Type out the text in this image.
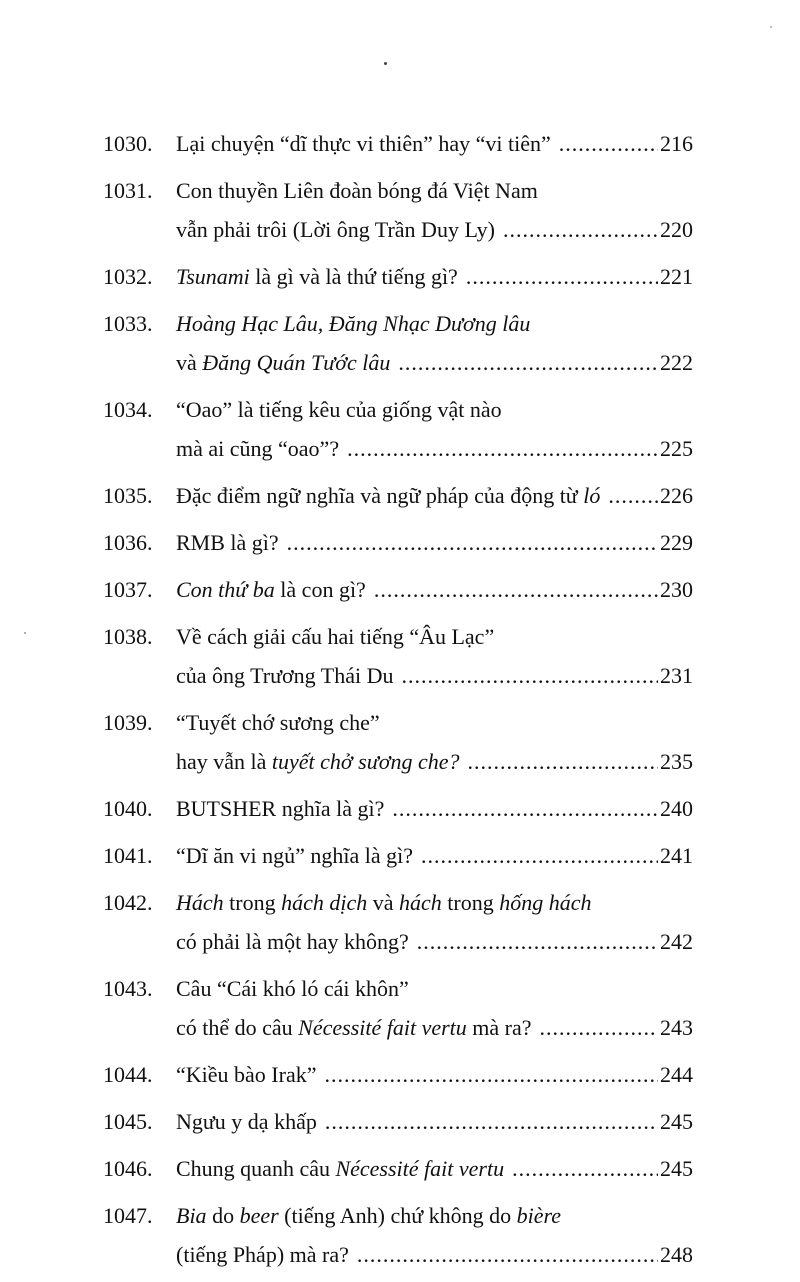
1030.	Lại chuyện “dĩ thực vi thiên” hay “vi tiên” .....	216
1031.	Con thuyền Liên đoàn bóng đá Việt Nam
vẫn phải trôi (Lời ông Trần Duy Ly) .....	220
1032.	Tsunami là gì và là thứ tiếng gì? .....	221
1033.	Hoàng Hạc Lâu, Đăng Nhạc Dương lâu
và Đăng Quán Tước lâu .....	222
1034.	“Oao” là tiếng kêu của giống vật nào
mà ai cũng “oao”? .....	225
1035.	Đặc điểm ngữ nghĩa và ngữ pháp của động từ ló .....	226
1036.	RMB là gì? .....	229
1037.	Con thứ ba là con gì? .....	230
1038.	Về cách giải cấu hai tiếng “Âu Lạc”
của ông Trương Thái Du .....	231
1039.	“Tuyết chớ sương che”
hay vẫn là tuyết chở sương che? .....	235
1040.	BUTSHER nghĩa là gì? .....	240
1041.	“Dĩ ăn vi ngủ” nghĩa là gì? .....	241
1042.	Hách trong hách dịch và hách trong hống hách
có phải là một hay không? .....	242
1043.	Câu “Cái khó ló cái khôn”
có thể do câu Nécessité fait vertu mà ra? .....	243
1044.	“Kiều bào Irak” .....	244
1045.	Ngưu y dạ khấp .....	245
1046.	Chung quanh câu Nécessité fait vertu .....	245
1047.	Bia do beer (tiếng Anh) chứ không do bière
(tiếng Pháp) mà ra? .....	248
